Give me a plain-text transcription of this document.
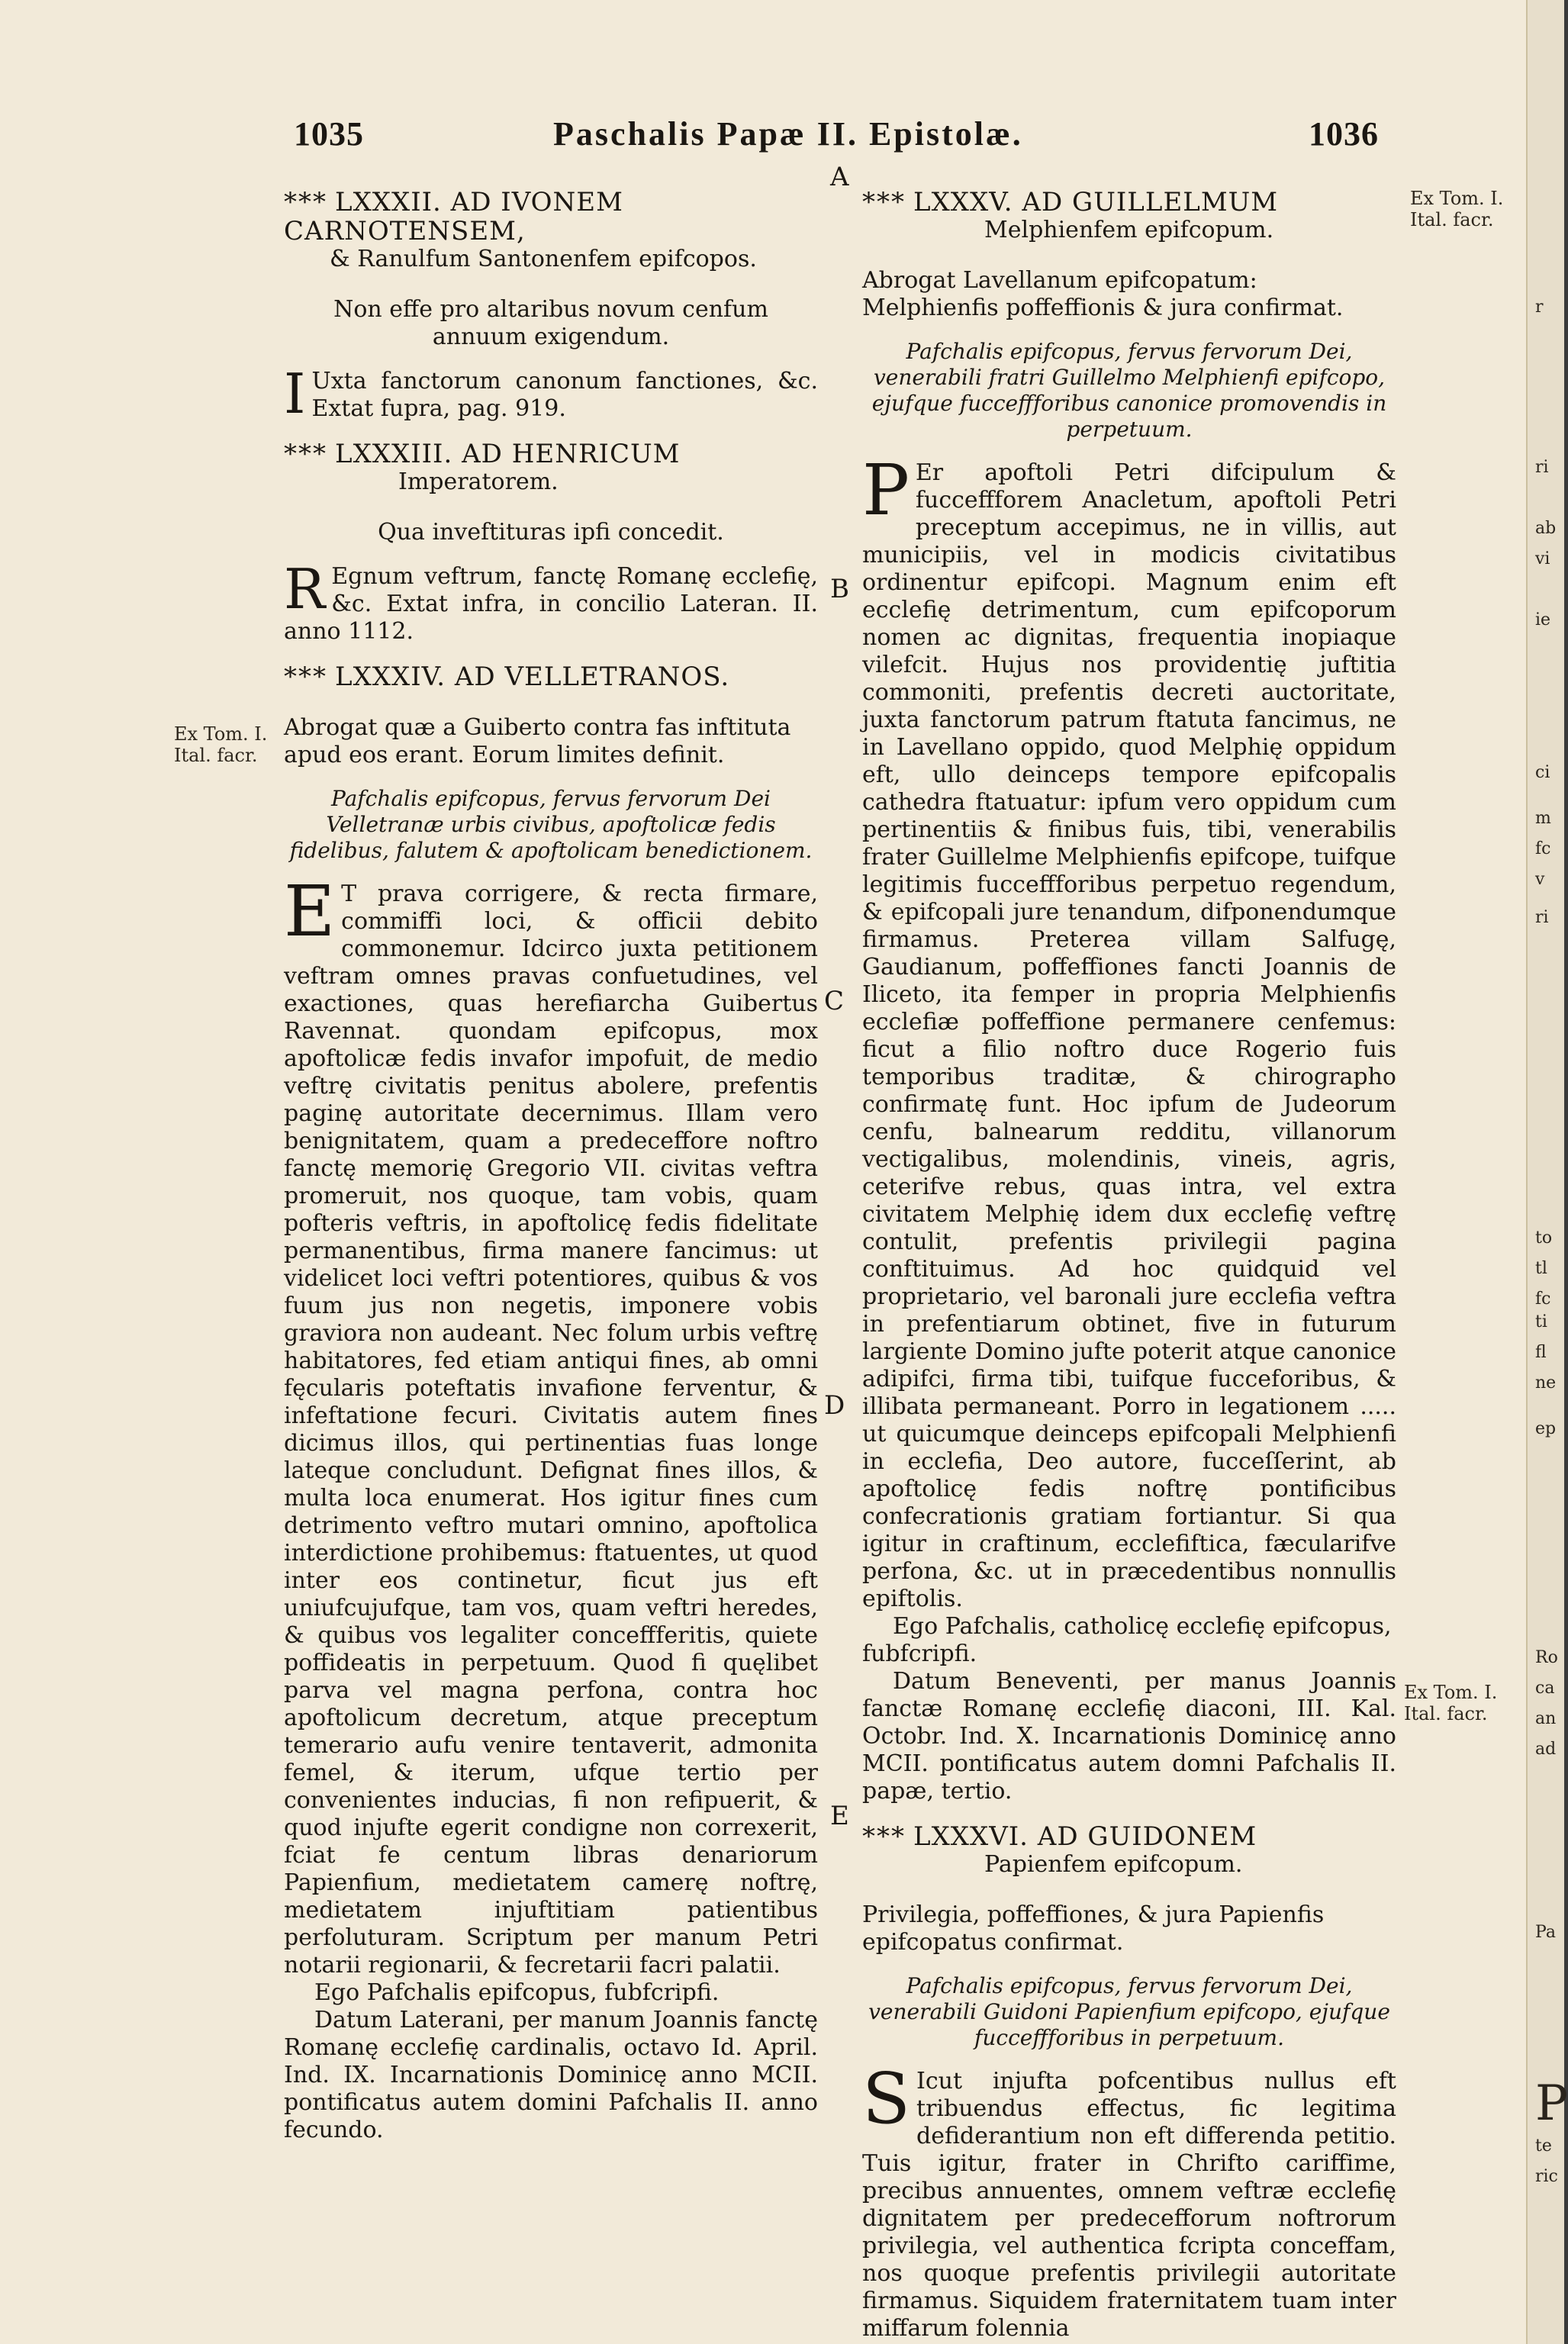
1035	Paschalis Papæ II. Epistolæ.	1036
A
B
C
D
E
Ex Tom. I. Ital. facr.
Ex Tom. I. Ital. facr.
Ex Tom. I. Ital. facr.
*** LXXXII. AD IVONEM CARNOTENSEM,
& Ranulfum Santonenfem epifcopos.
Non effe pro altaribus novum cenfum annuum exigendum.

I Uxta fanctorum canonum fanctiones, &c. Extat fupra, pag. 919.

*** LXXXIII. AD HENRICUM
Imperatorem.
Qua inveftituras ipfi concedit.

R Egnum veftrum, fanctę Romanę ecclefię, &c. Extat infra, in concilio Lateran. II. anno 1112.

*** LXXXIV. AD VELLETRANOS.
Abrogat quæ a Guiberto contra fas inftituta apud eos erant. Eorum limites definit.
Pafchalis epifcopus, fervus fervorum Dei Velletranæ urbis civibus, apoftolicæ fedis fidelibus, falutem & apoftolicam benedictionem.

E T prava corrigere, & recta firmare, commiffi loci, & officii debito commonemur. Idcirco juxta petitionem veftram omnes pravas confuetudines, vel exactiones, quas herefiarcha Guibertus Ravennat. quondam epifcopus, mox apoftolicæ fedis invafor impofuit, de medio veftrę civitatis penitus abolere, prefentis paginę autoritate decernimus. Illam vero benignitatem, quam a predeceffore noftro fanctę memorię Gregorio VII. civitas veftra promeruit, nos quoque, tam vobis, quam pofteris veftris, in apoftolicę fedis fidelitate permanentibus, firma manere fancimus: ut videlicet loci veftri potentiores, quibus & vos fuum jus non negetis, imponere vobis graviora non audeant. Nec folum urbis veftrę habitatores, fed etiam antiqui fines, ab omni fęcularis poteftatis invafione ferventur, & infeftatione fecuri. Civitatis autem fines dicimus illos, qui pertinentias fuas longe lateque concludunt. Defignat fines illos, & multa loca enumerat. Hos igitur fines cum detrimento veftro mutari omnino, apoftolica interdictione prohibemus: ftatuentes, ut quod inter eos continetur, ficut jus eft uniufcujufque, tam vos, quam veftri heredes, & quibus vos legaliter conceffferitis, quiete poffideatis in perpetuum. Quod fi quęlibet parva vel magna perfona, contra hoc apoftolicum decretum, atque preceptum temerario aufu venire tentaverit, admonita femel, & iterum, ufque tertio per convenientes inducias, fi non refipuerit, & quod injufte egerit condigne non correxerit, fciat fe centum libras denariorum Papienfium, medietatem camerę noftrę, medietatem injuftitiam patientibus perfoluturam. Scriptum per manum Petri notarii regionarii, & fecretarii facri palatii.

Ego Pafchalis epifcopus, fubfcripfi.

Datum Laterani, per manum Joannis fanctę Romanę ecclefię cardinalis, octavo Id. April. Ind. IX. Incarnationis Dominicę anno MCII. pontificatus autem domini Pafchalis II. anno fecundo.

*** LXXXV. AD GUILLELMUM
Melphienfem epifcopum.
Abrogat Lavellanum epifcopatum: Melphienfis poffeffionis & jura confirmat.
Pafchalis epifcopus, fervus fervorum Dei, venerabili fratri Guillelmo Melphienfi epifcopo, ejufque fucceffforibus canonice promovendis in perpetuum.

P Er apoftoli Petri difcipulum & fucceffforem Anacletum, apoftoli Petri preceptum accepimus, ne in villis, aut municipiis, vel in modicis civitatibus ordinentur epifcopi. Magnum enim eft ecclefię detrimentum, cum epifcoporum nomen ac dignitas, frequentia inopiaque vilefcit. Hujus nos providentię juftitia commoniti, prefentis decreti auctoritate, juxta fanctorum patrum ftatuta fancimus, ne in Lavellano oppido, quod Melphię oppidum eft, ullo deinceps tempore epifcopalis cathedra ftatuatur: ipfum vero oppidum cum pertinentiis & finibus fuis, tibi, venerabilis frater Guillelme Melphienfis epifcope, tuifque legitimis fucceffforibus perpetuo regendum, & epifcopali jure tenandum, difponendumque firmamus. Preterea villam Salfugę, Gaudianum, poffeffiones fancti Joannis de Iliceto, ita femper in propria Melphienfis ecclefiæ poffeffione permanere cenfemus: ficut a filio noftro duce Rogerio fuis temporibus traditæ, & chirographo confirmatę funt. Hoc ipfum de Judeorum cenfu, balnearum redditu, villanorum vectigalibus, molendinis, vineis, agris, ceterifve rebus, quas intra, vel extra civitatem Melphię idem dux ecclefię veftrę contulit, prefentis privilegii pagina conftituimus. Ad hoc quidquid vel proprietario, vel baronali jure ecclefia veftra in prefentiarum obtinet, five in futurum largiente Domino jufte poterit atque canonice adipifci, firma tibi, tuifque fucceforibus, & illibata permaneant. Porro in legationem ..... ut quicumque deinceps epifcopali Melphienfi in ecclefia, Deo autore, fucceſſerint, ab apoftolicę fedis noftrę pontificibus confecrationis gratiam fortiantur. Si qua igitur in craftinum, ecclefiftica, fæcularifve perfona, &c. ut in præcedentibus nonnullis epiftolis.

Ego Pafchalis, catholicę ecclefię epifcopus, fubfcripfi.

Datum Beneventi, per manus Joannis fanctæ Romanę ecclefię diaconi, III. Kal. Octobr. Ind. X. Incarnationis Dominicę anno MCII. pontificatus autem domni Pafchalis II. papæ, tertio.

*** LXXXVI. AD GUIDONEM
Papienfem epifcopum.
Privilegia, poffeffiones, & jura Papienfis epifcopatus confirmat.
Pafchalis epifcopus, fervus fervorum Dei, venerabili Guidoni Papienfium epifcopo, ejufque fucceffforibus in perpetuum.

S Icut injufta pofcentibus nullus eft tribuendus effectus, fic legitima defiderantium non eft differenda petitio. Tuis igitur, frater in Chrifto cariffime, precibus annuentes, omnem veftræ ecclefię dignitatem per predecefforum noftrorum privilegia, vel authentica fcripta conceffam, nos quoque prefentis privilegii autoritate firmamus. Siquidem fraternitatem tuam inter miffarum folennia

r
ri
ab
vi
ie
ci
m
fc
v
ri
to
tl
fc
ti
fl
ne
ep
Ro
ca
an
ad
Pa
P
te
ric
